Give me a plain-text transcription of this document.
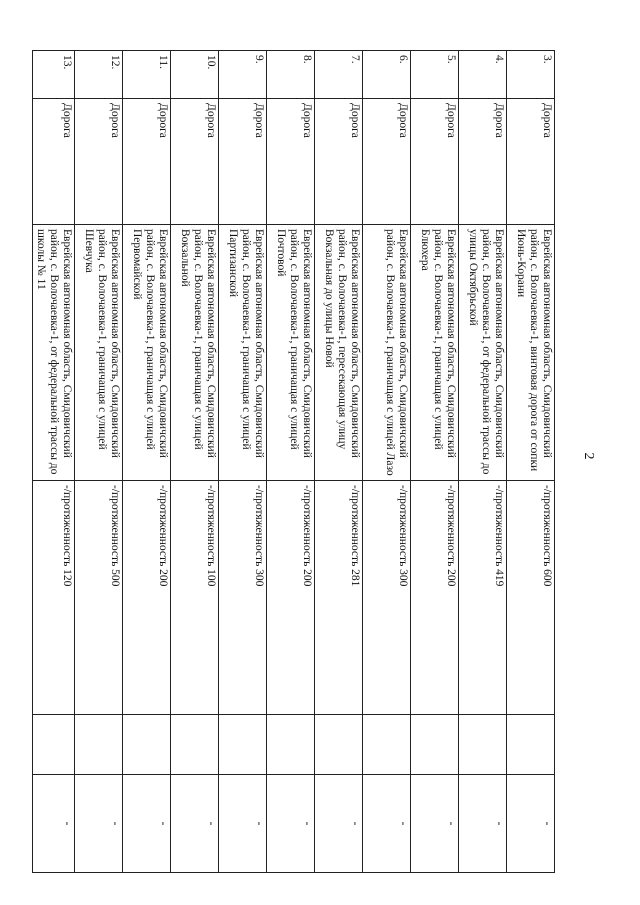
2
3.	Дорога	Еврейская автономная область, Смидовичский район, с. Волочаевка-1, винтовая дорога от сопки Июнь-Корани	-/протяженность 600		-
4.	Дорога	Еврейская автономная область, Смидовичский район, с. Волочаевка-1, от федеральной трассы до улицы Октябрьской	-/протяженность 419		-
5.	Дорога	Еврейская автономная область, Смидовичский район, с. Волочаевка-1, граничащая с улицей Блюхера	-/протяженность 200		-
6.	Дорога	Еврейская автономная область, Смидовичский район, с. Волочаевка-1, граничащая с улицей Лазо	-/протяженность 300		-
7.	Дорога	Еврейская автономная область, Смидовичский район, с. Волочаевка-1, пересекающая улицу Вокзальная до улицы Новой	-/протяженность 281		-
8.	Дорога	Еврейская автономная область, Смидовичский район, с. Волочаевка-1, граничащая с улицей Почтовой	-/протяженность 200		-
9.	Дорога	Еврейская автономная область, Смидовичский район, с. Волочаевка-1, граничащая с улицей Партизанской	-/протяженность 300		-
10.	Дорога	Еврейская автономная область, Смидовичский район, с. Волочаевка-1, граничащая с улицей Вокзальной	-/протяженность 100		-
11.	Дорога	Еврейская автономная область, Смидовичский район, с. Волочаевка-1, граничащая с улицей Первомайской	-/протяженность 200		-
12.	Дорога	Еврейская автономная область, Смидовичский район, с. Волочаевка-1, граничащая с улицей Шевчука	-/протяженность 500		-
13.	Дорога	Еврейская автономная область, Смидовичский район, с. Волочаевка-1, от федеральной трассы до школы № 11	-/протяженность 120		-
